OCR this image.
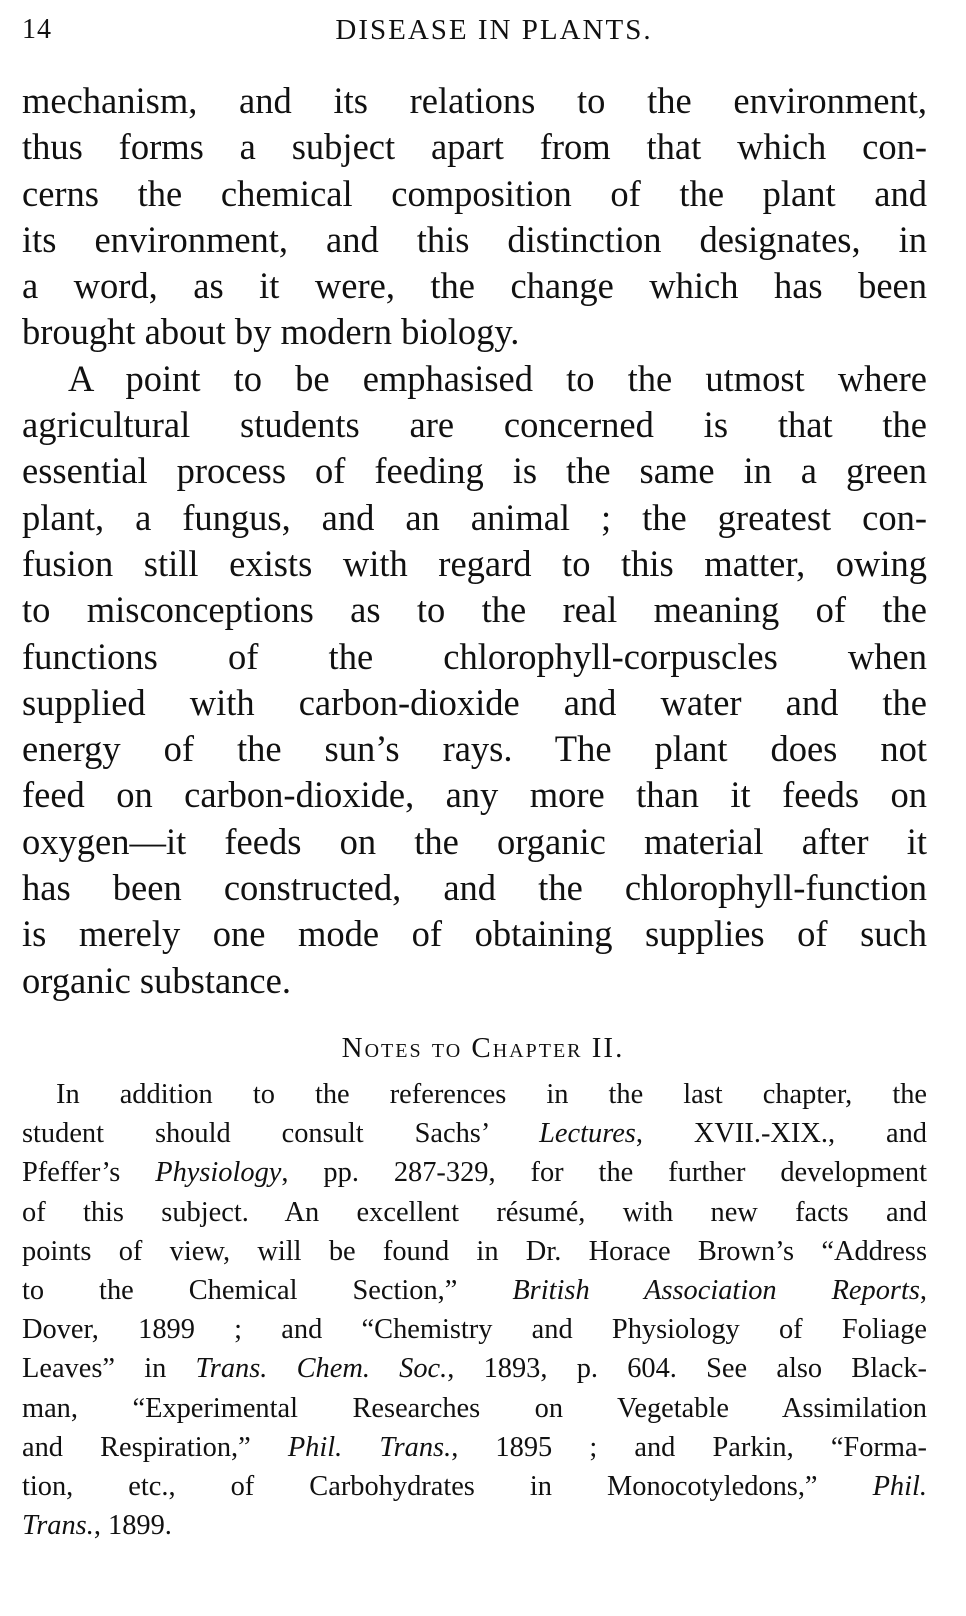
14	DISEASE IN PLANTS.

mechanism, and its relations to the environment,
thus forms a subject apart from that which con-
cerns the chemical composition of the plant and
its environment, and this distinction designates, in
a word, as it were, the change which has been
brought about by modern biology.

A point to be emphasised to the utmost where
agricultural students are concerned is that the
essential process of feeding is the same in a green
plant, a fungus, and an animal ; the greatest con-
fusion still exists with regard to this matter, owing
to misconceptions as to the real meaning of the
functions of the chlorophyll-corpuscles when
supplied with carbon-dioxide and water and the
energy of the sun’s rays. The plant does not
feed on carbon-dioxide, any more than it feeds on
oxygen—it feeds on the organic material after it
has been constructed, and the chlorophyll-function
is merely one mode of obtaining supplies of such
organic substance.

Notes to Chapter II.
In addition to the references in the last chapter, the
student should consult Sachs’ Lectures, XVII.-XIX., and
Pfeffer’s Physiology, pp. 287-329, for the further development
of this subject. An excellent résumé, with new facts and
points of view, will be found in Dr. Horace Brown’s “Address
to the Chemical Section,” British Association Reports,
Dover, 1899 ; and “Chemistry and Physiology of Foliage
Leaves” in Trans. Chem. Soc., 1893, p. 604. See also Black-
man, “Experimental Researches on Vegetable Assimilation
and Respiration,” Phil. Trans., 1895 ; and Parkin, “Forma-
tion, etc., of Carbohydrates in Monocotyledons,” Phil.
Trans., 1899.
